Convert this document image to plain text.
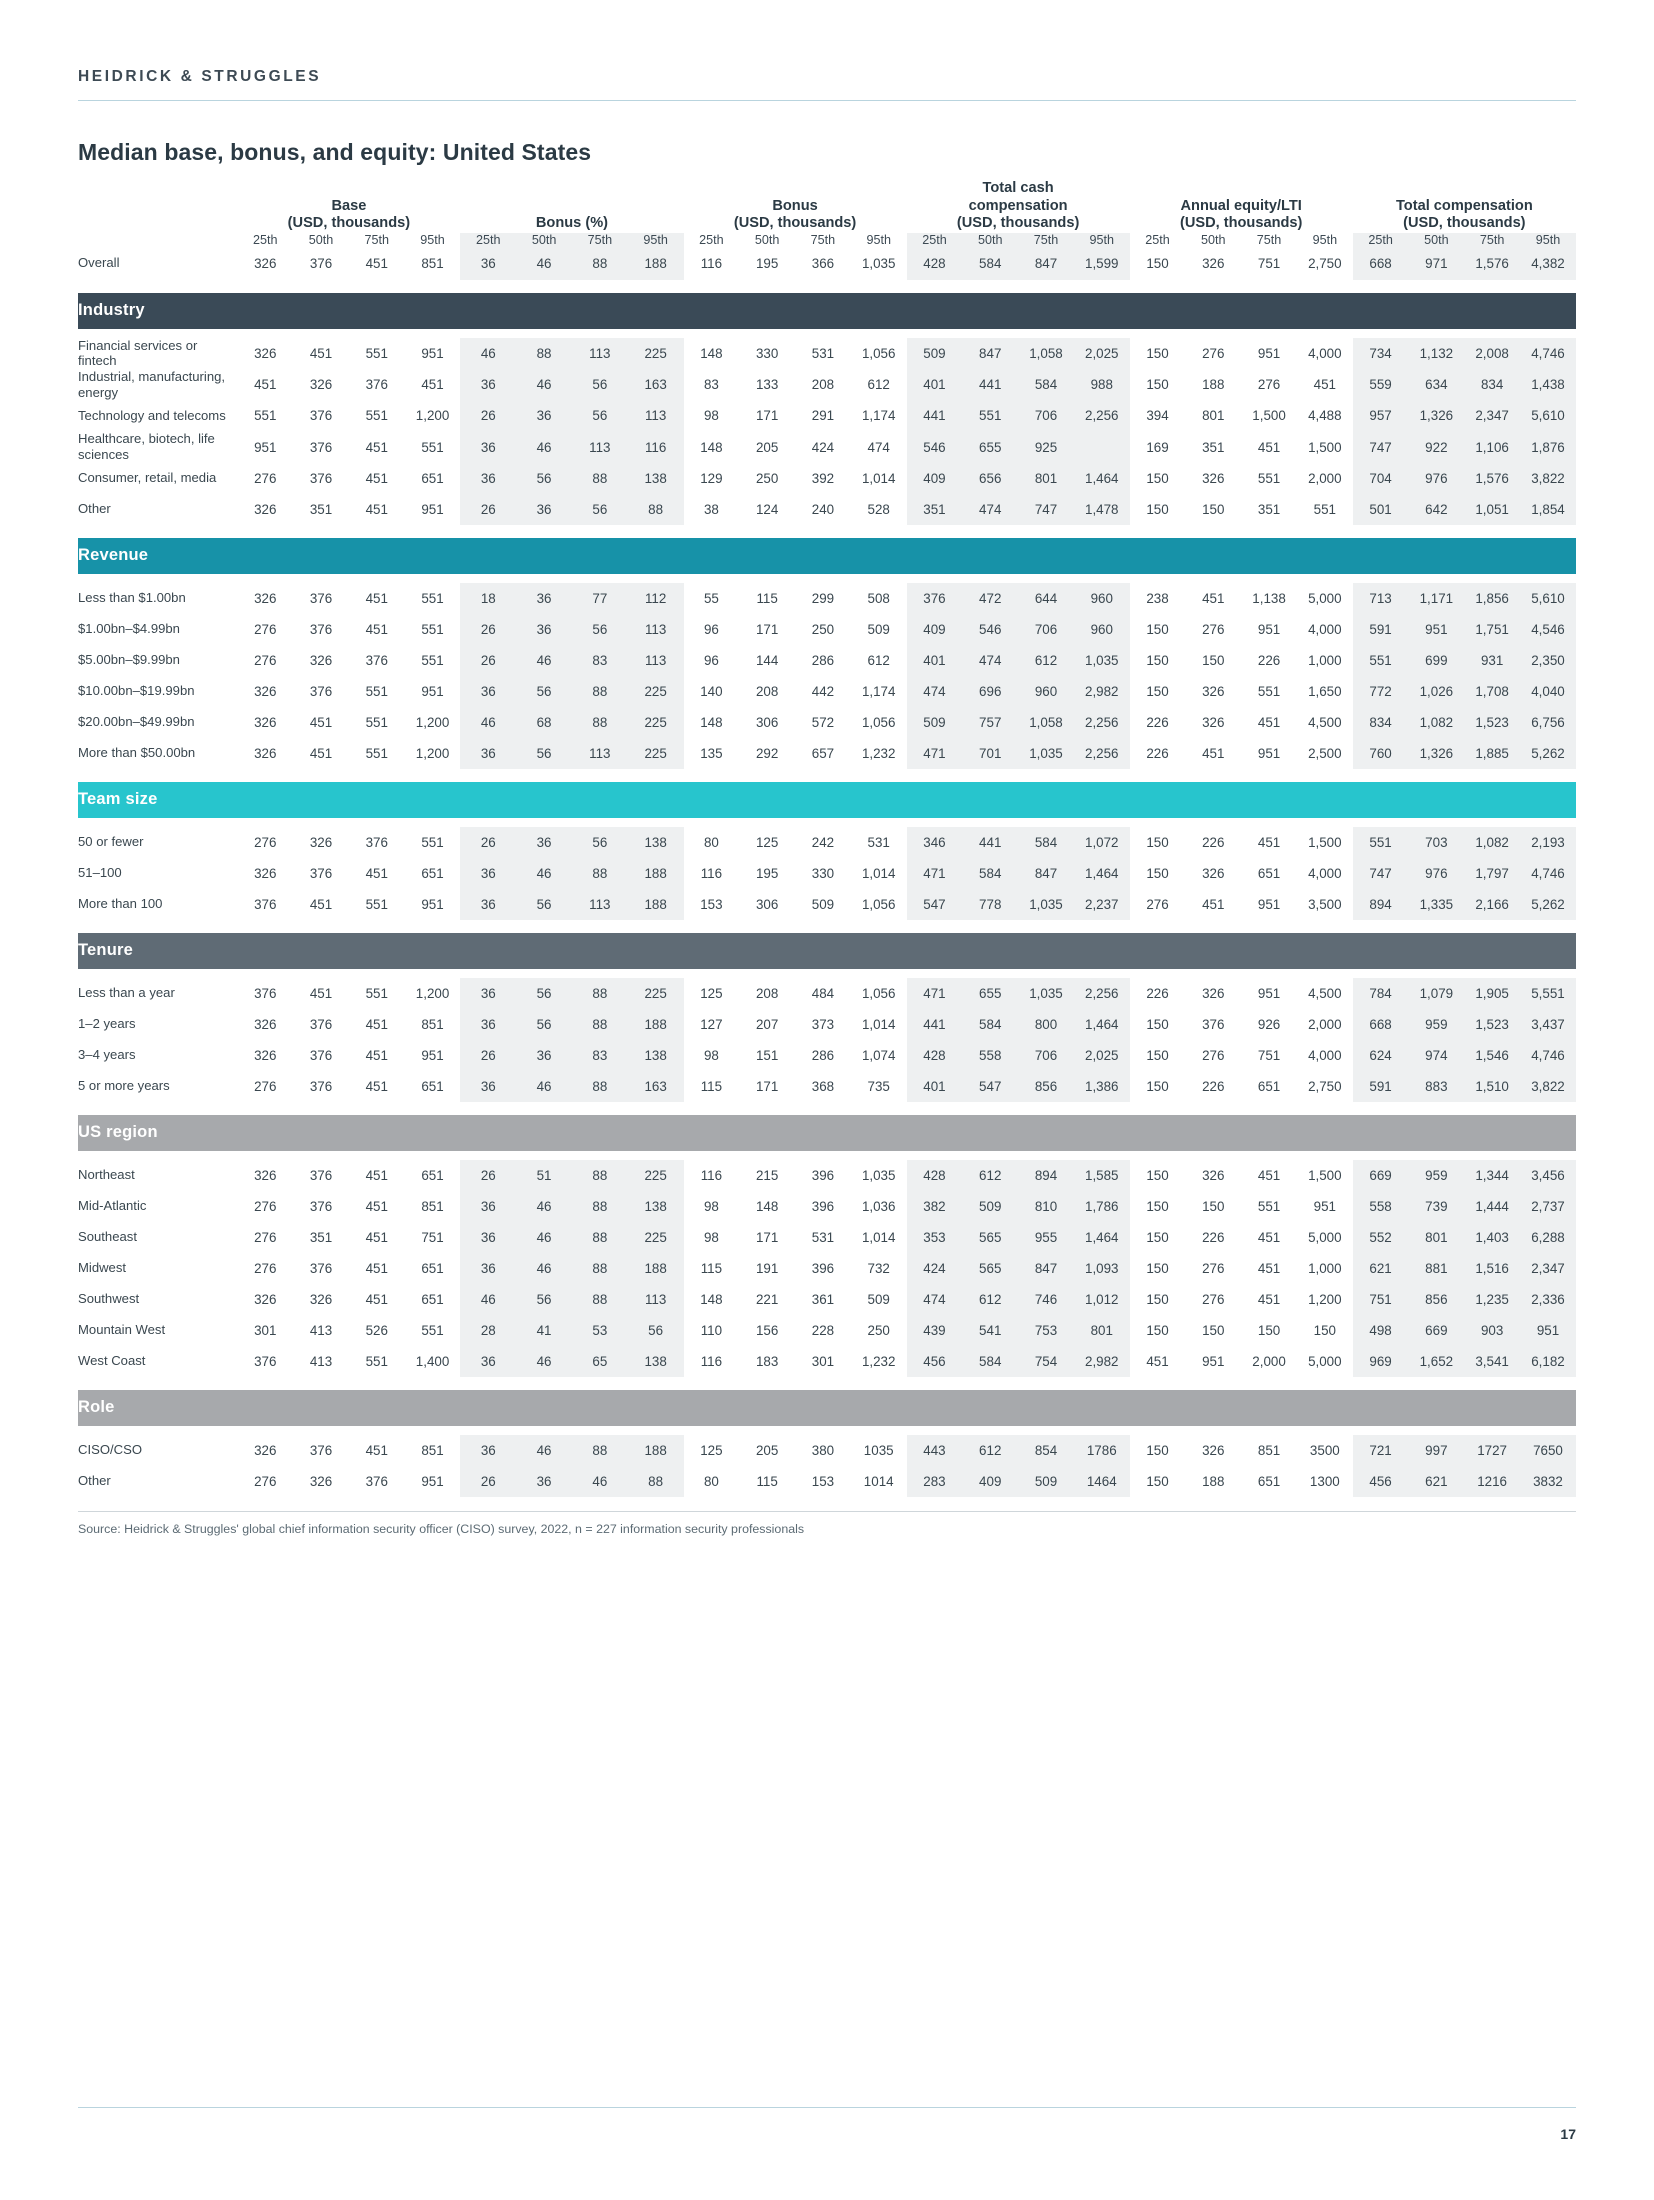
HEIDRICK & STRUGGLES
Median base, bonus, and equity: United States
	Base
(USD, thousands)				Bonus (%)				Bonus
(USD, thousands)				Total cash
compensation
(USD, thousands)				Annual equity/LTI
(USD, thousands)				Total compensation
(USD, thousands)			
	25th	50th	75th	95th	25th	50th	75th	95th	25th	50th	75th	95th	25th	50th	75th	95th	25th	50th	75th	95th	25th	50th	75th	95th
Overall	326	376	451	851	36	46	88	188	116	195	366	1,035	428	584	847	1,599	150	326	751	2,750	668	971	1,576	4,382

Industry																								

Financial services or fintech	326	451	551	951	46	88	113	225	148	330	531	1,056	509	847	1,058	2,025	150	276	951	4,000	734	1,132	2,008	4,746
Industrial, manufacturing, energy	451	326	376	451	36	46	56	163	83	133	208	612	401	441	584	988	150	188	276	451	559	634	834	1,438
Technology and telecoms	551	376	551	1,200	26	36	56	113	98	171	291	1,174	441	551	706	2,256	394	801	1,500	4,488	957	1,326	2,347	5,610
Healthcare, biotech, life sciences	951	376	451	551	36	46	113	116	148	205	424	474	546	655	925		169	351	451	1,500	747	922	1,106	1,876
Consumer, retail, media	276	376	451	651	36	56	88	138	129	250	392	1,014	409	656	801	1,464	150	326	551	2,000	704	976	1,576	3,822
Other	326	351	451	951	26	36	56	88	38	124	240	528	351	474	747	1,478	150	150	351	551	501	642	1,051	1,854

Revenue																								

Less than $1.00bn	326	376	451	551	18	36	77	112	55	115	299	508	376	472	644	960	238	451	1,138	5,000	713	1,171	1,856	5,610
$1.00bn–$4.99bn	276	376	451	551	26	36	56	113	96	171	250	509	409	546	706	960	150	276	951	4,000	591	951	1,751	4,546
$5.00bn–$9.99bn	276	326	376	551	26	46	83	113	96	144	286	612	401	474	612	1,035	150	150	226	1,000	551	699	931	2,350
$10.00bn–$19.99bn	326	376	551	951	36	56	88	225	140	208	442	1,174	474	696	960	2,982	150	326	551	1,650	772	1,026	1,708	4,040
$20.00bn–$49.99bn	326	451	551	1,200	46	68	88	225	148	306	572	1,056	509	757	1,058	2,256	226	326	451	4,500	834	1,082	1,523	6,756
More than $50.00bn	326	451	551	1,200	36	56	113	225	135	292	657	1,232	471	701	1,035	2,256	226	451	951	2,500	760	1,326	1,885	5,262

Team size																								

50 or fewer	276	326	376	551	26	36	56	138	80	125	242	531	346	441	584	1,072	150	226	451	1,500	551	703	1,082	2,193
51–100	326	376	451	651	36	46	88	188	116	195	330	1,014	471	584	847	1,464	150	326	651	4,000	747	976	1,797	4,746
More than 100	376	451	551	951	36	56	113	188	153	306	509	1,056	547	778	1,035	2,237	276	451	951	3,500	894	1,335	2,166	5,262

Tenure																								

Less than a year	376	451	551	1,200	36	56	88	225	125	208	484	1,056	471	655	1,035	2,256	226	326	951	4,500	784	1,079	1,905	5,551
1–2 years	326	376	451	851	36	56	88	188	127	207	373	1,014	441	584	800	1,464	150	376	926	2,000	668	959	1,523	3,437
3–4 years	326	376	451	951	26	36	83	138	98	151	286	1,074	428	558	706	2,025	150	276	751	4,000	624	974	1,546	4,746
5 or more years	276	376	451	651	36	46	88	163	115	171	368	735	401	547	856	1,386	150	226	651	2,750	591	883	1,510	3,822

US region																								

Northeast	326	376	451	651	26	51	88	225	116	215	396	1,035	428	612	894	1,585	150	326	451	1,500	669	959	1,344	3,456
Mid-Atlantic	276	376	451	851	36	46	88	138	98	148	396	1,036	382	509	810	1,786	150	150	551	951	558	739	1,444	2,737
Southeast	276	351	451	751	36	46	88	225	98	171	531	1,014	353	565	955	1,464	150	226	451	5,000	552	801	1,403	6,288
Midwest	276	376	451	651	36	46	88	188	115	191	396	732	424	565	847	1,093	150	276	451	1,000	621	881	1,516	2,347
Southwest	326	326	451	651	46	56	88	113	148	221	361	509	474	612	746	1,012	150	276	451	1,200	751	856	1,235	2,336
Mountain West	301	413	526	551	28	41	53	56	110	156	228	250	439	541	753	801	150	150	150	150	498	669	903	951
West Coast	376	413	551	1,400	36	46	65	138	116	183	301	1,232	456	584	754	2,982	451	951	2,000	5,000	969	1,652	3,541	6,182

Role																								

CISO/CSO	326	376	451	851	36	46	88	188	125	205	380	1035	443	612	854	1786	150	326	851	3500	721	997	1727	7650
Other	276	326	376	951	26	36	46	88	80	115	153	1014	283	409	509	1464	150	188	651	1300	456	621	1216	3832
Source: Heidrick & Struggles' global chief information security officer (CISO) survey, 2022, n = 227 information security professionals
17
